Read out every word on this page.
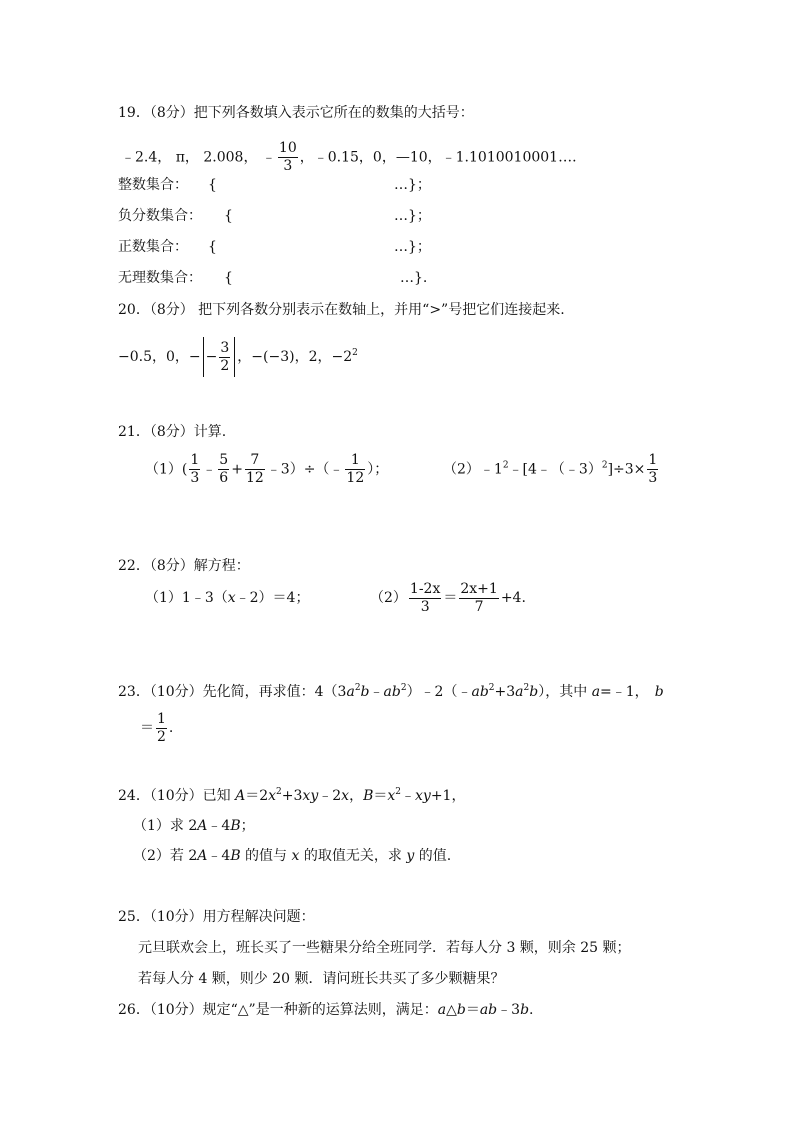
19．（8分）把下列各数填入表示它所在的数集的大括号：
﹣2.4， π， 2.008， ﹣ $\frac{10}{3}$ ，﹣0.15，0，—10，﹣1.1010010001….
整数集合： {	…}；
负分数集合： {	…}；
正数集合： {	…}；
无理数集合： {	…}.
20．（8分） 把下列各数分别表示在数轴上，并用“>”号把它们连接起来.
−0.5，0，− − $\frac{3}{2}$ ，−(−3)，2，$-2^2$
21．（8分）计算.
$(1)( \frac{1}{3}$ ﹣ $\frac{5}{6} + \frac{7}{12}$ ﹣3）÷（﹣ $\frac{1}{12}$ ）；	$(2)﹣1^2﹣[4﹣(﹣3)^2]\div 3\times \frac{1}{3}$
22．（8分）解方程：
（1）1﹣3（x﹣2）＝4；	$(2) \frac{1-2x}{3} = \frac{2x+1}{7} +4$.
23．（10分）先化简，再求值：$4(3a^2b﹣ab^2)﹣2(﹣ab^2+3a^2b)$，其中 a=﹣1， b
＝ $\frac{1}{2}$ .
24．（10分）已知 $A=2x^2+3xy﹣2x$，$B=x^2﹣xy+1$，
（1）求 2A﹣4B；
（2）若 2A﹣4B 的值与 x 的取值无关，求 y 的值.
25．（10分）用方程解决问题：
元旦联欢会上，班长买了一些糖果分给全班同学．若每人分 3 颗，则余 25 颗；
若每人分 4 颗，则少 20 颗．请问班长共买了多少颗糖果？
26．（10分）规定“△”是一种新的运算法则，满足：a△b＝ab﹣3b.
